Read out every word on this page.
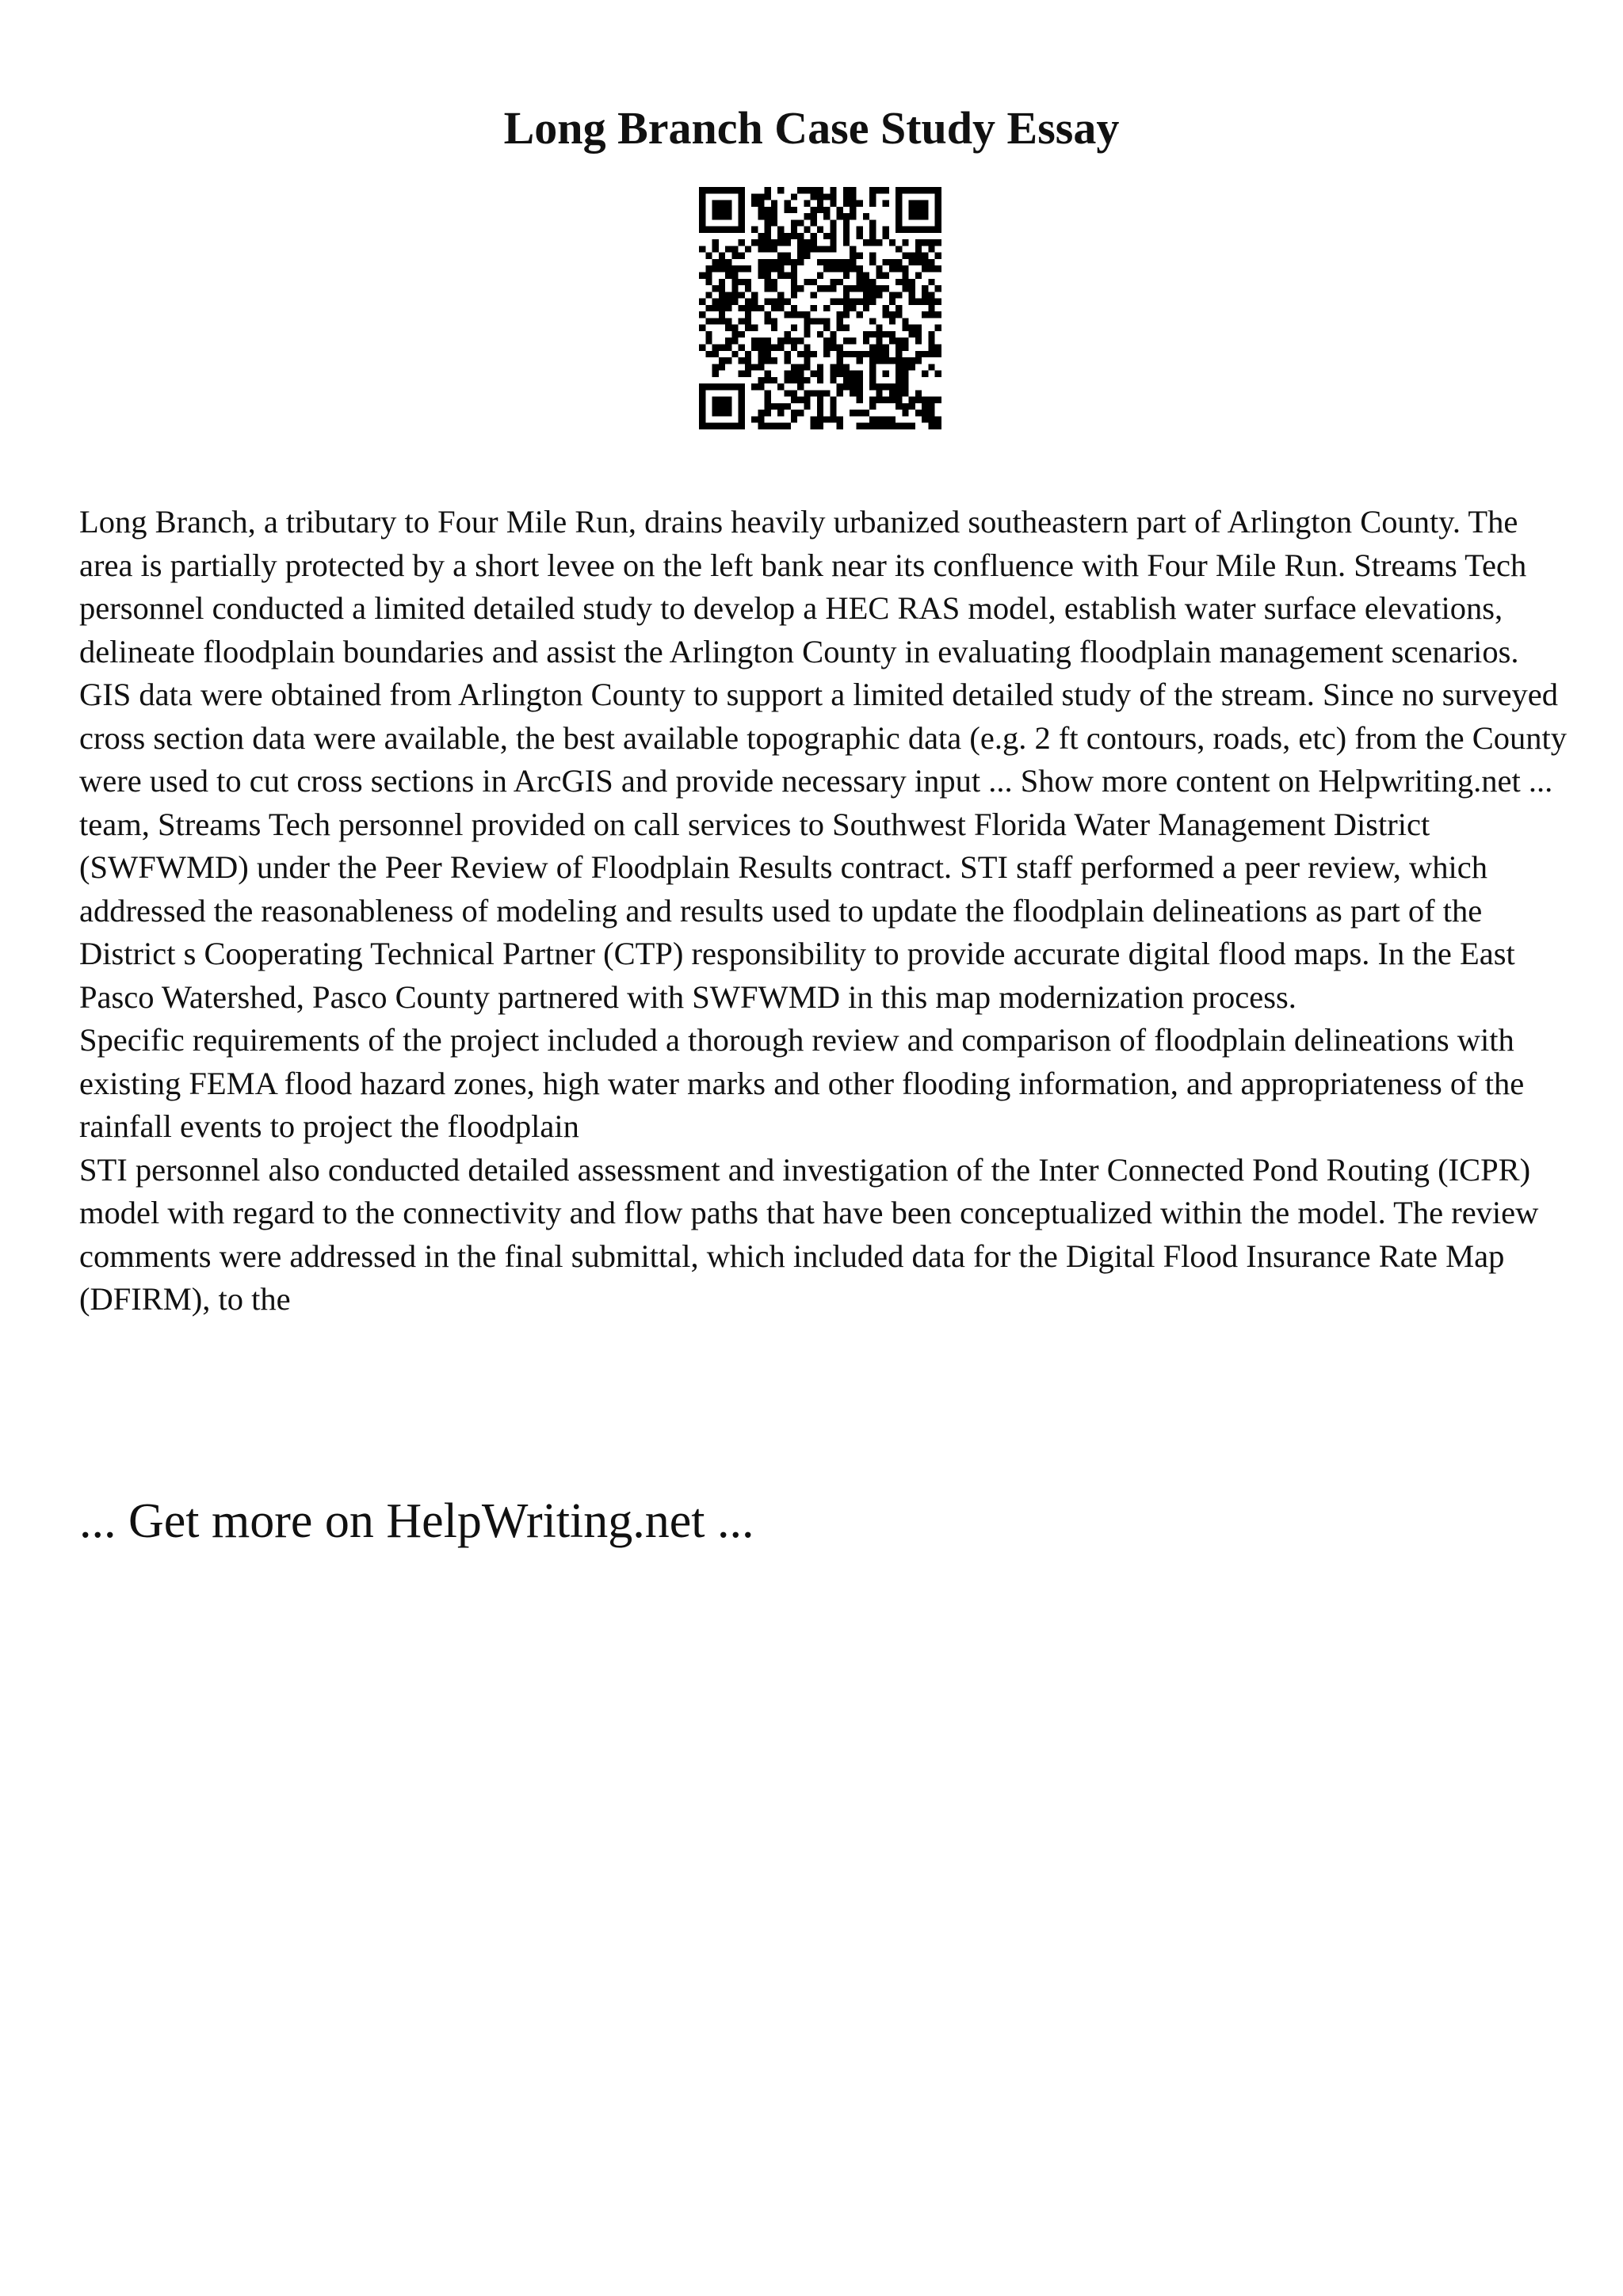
Long Branch Case Study Essay

Long Branch, a tributary to Four Mile Run, drains heavily urbanized southeastern part of Arlington County. The area is partially protected by a short levee on the left bank near its confluence with Four Mile Run. Streams Tech personnel conducted a limited detailed study to develop a HEC RAS model, establish water surface elevations, delineate floodplain boundaries and assist the Arlington County in evaluating floodplain management scenarios.

GIS data were obtained from Arlington County to support a limited detailed study of the stream. Since no surveyed cross section data were available, the best available topographic data (e.g. 2 ft contours, roads, etc) from the County were used to cut cross sections in ArcGIS and provide necessary input ... Show more content on Helpwriting.net ...

team, Streams Tech personnel provided on call services to Southwest Florida Water Management District (SWFWMD) under the Peer Review of Floodplain Results contract. STI staff performed a peer review, which addressed the reasonableness of modeling and results used to update the floodplain delineations as part of the District s Cooperating Technical Partner (CTP) responsibility to provide accurate digital flood maps. In the East Pasco Watershed, Pasco County partnered with SWFWMD in this map modernization process.

Specific requirements of the project included a thorough review and comparison of floodplain delineations with existing FEMA flood hazard zones, high water marks and other flooding information, and appropriateness of the rainfall events to project the floodplain

STI personnel also conducted detailed assessment and investigation of the Inter Connected Pond Routing (ICPR) model with regard to the connectivity and flow paths that have been conceptualized within the model. The review comments were addressed in the final submittal, which included data for the Digital Flood Insurance Rate Map (DFIRM), to the

... Get more on HelpWriting.net ...
